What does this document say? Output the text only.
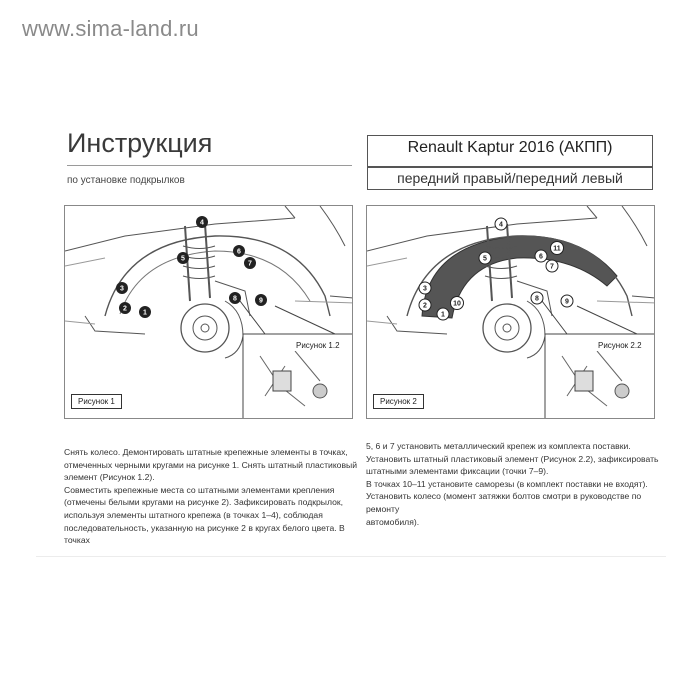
www.sima-land.ru
Инструкция
по установке подкрылков
Renault Kaptur 2016 (АКПП)
передний правый/передний левый
1
2
3
4
5
6
7
8	9
Рисунок 1
Рисунок 1.2
1
2
3
4
5	6
7
8	9
10
11
Рисунок 2
Рисунок 2.2

Снять колесо. Демонтировать штатные крепежные элементы в точках,

отмеченных черными кругами на рисунке 1. Снять штатный пластиковый

элемент (Рисунок 1.2).

Совместить крепежные места со штатными элементами крепления

(отмечены белыми кругами на рисунке 2). Зафиксировать подкрылок,

используя элементы штатного крепежа (в точках 1–4), соблюдая

последовательность, указанную на рисунке 2 в кругах белого цвета. В точках

5, 6 и 7 установить металлический крепеж из комплекта поставки.

Установить штатный пластиковый элемент (Рисунок 2.2), зафиксировать

штатными элементами фиксации (точки 7–9).

В точках 10–11 установите саморезы (в комплект поставки не входят).

Установить колесо (момент затяжки болтов смотри в руководстве по ремонту

автомобиля).
